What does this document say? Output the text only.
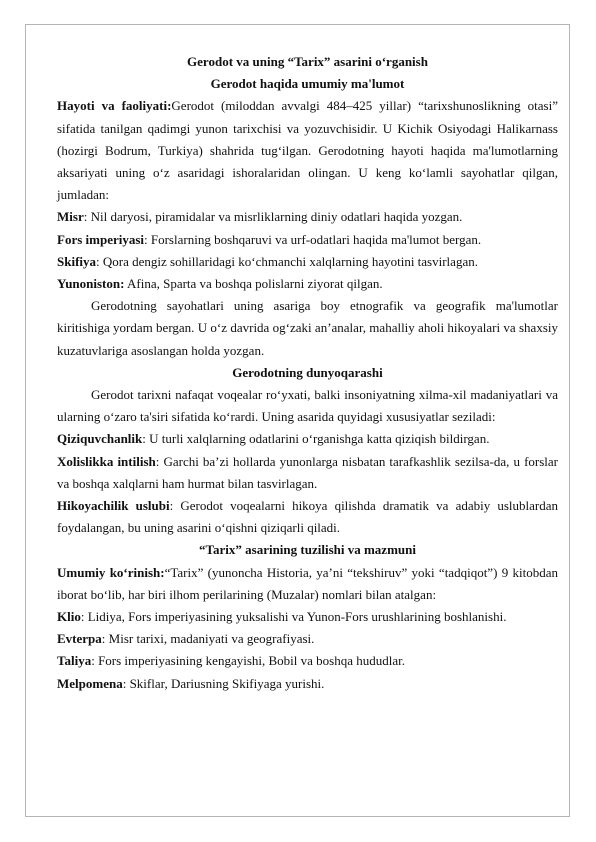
Gerodot va uning “Tarix” asarini o‘rganish

Gerodot haqida umumiy ma'lumot

Hayoti va faoliyati:Gerodot (miloddan avvalgi 484–425 yillar) “tarixshunoslikning otasi” sifatida tanilgan qadimgi yunon tarixchisi va yozuvchisidir. U Kichik Osiyodagi Halikarnass (hozirgi Bodrum, Turkiya) shahrida tug‘ilgan. Gerodotning hayoti haqida ma'lumotlarning aksariyati uning o‘z asaridagi ishoralaridan olingan. U keng ko‘lamli sayohatlar qilgan, jumladan:

Misr: Nil daryosi, piramidalar va misrliklarning diniy odatlari haqida yozgan.

Fors imperiyasi: Forslarning boshqaruvi va urf-odatlari haqida ma'lumot bergan.

Skifiya: Qora dengiz sohillaridagi ko‘chmanchi xalqlarning hayotini tasvirlagan.

Yunoniston: Afina, Sparta va boshqa polislarni ziyorat qilgan.

Gerodotning sayohatlari uning asariga boy etnografik va geografik ma'lumotlar kiritishiga yordam bergan. U o‘z davrida og‘zaki an’analar, mahalliy aholi hikoyalari va shaxsiy kuzatuvlariga asoslangan holda yozgan.

Gerodotning dunyoqarashi

Gerodot tarixni nafaqat voqealar ro‘yxati, balki insoniyatning xilma-xil madaniyatlari va ularning o‘zaro ta'siri sifatida ko‘rardi. Uning asarida quyidagi xususiyatlar seziladi:

Qiziquvchanlik: U turli xalqlarning odatlarini o‘rganishga katta qiziqish bildirgan.

Xolislikka intilish: Garchi ba’zi hollarda yunonlarga nisbatan tarafkashlik sezilsa-da, u forslar va boshqa xalqlarni ham hurmat bilan tasvirlagan.

Hikoyachilik uslubi: Gerodot voqealarni hikoya qilishda dramatik va adabiy uslublardan foydalangan, bu uning asarini o‘qishni qiziqarli qiladi.

“Tarix” asarining tuzilishi va mazmuni

Umumiy ko‘rinish:“Tarix” (yunoncha Historia, ya’ni “tekshiruv” yoki “tadqiqot”) 9 kitobdan iborat bo‘lib, har biri ilhom perilarining (Muzalar) nomlari bilan atalgan:

Klio: Lidiya, Fors imperiyasining yuksalishi va Yunon-Fors urushlarining boshlanishi.

Evterpa: Misr tarixi, madaniyati va geografiyasi.

Taliya: Fors imperiyasining kengayishi, Bobil va boshqa hududlar.

Melpomena: Skiflar, Dariusning Skifiyaga yurishi.
